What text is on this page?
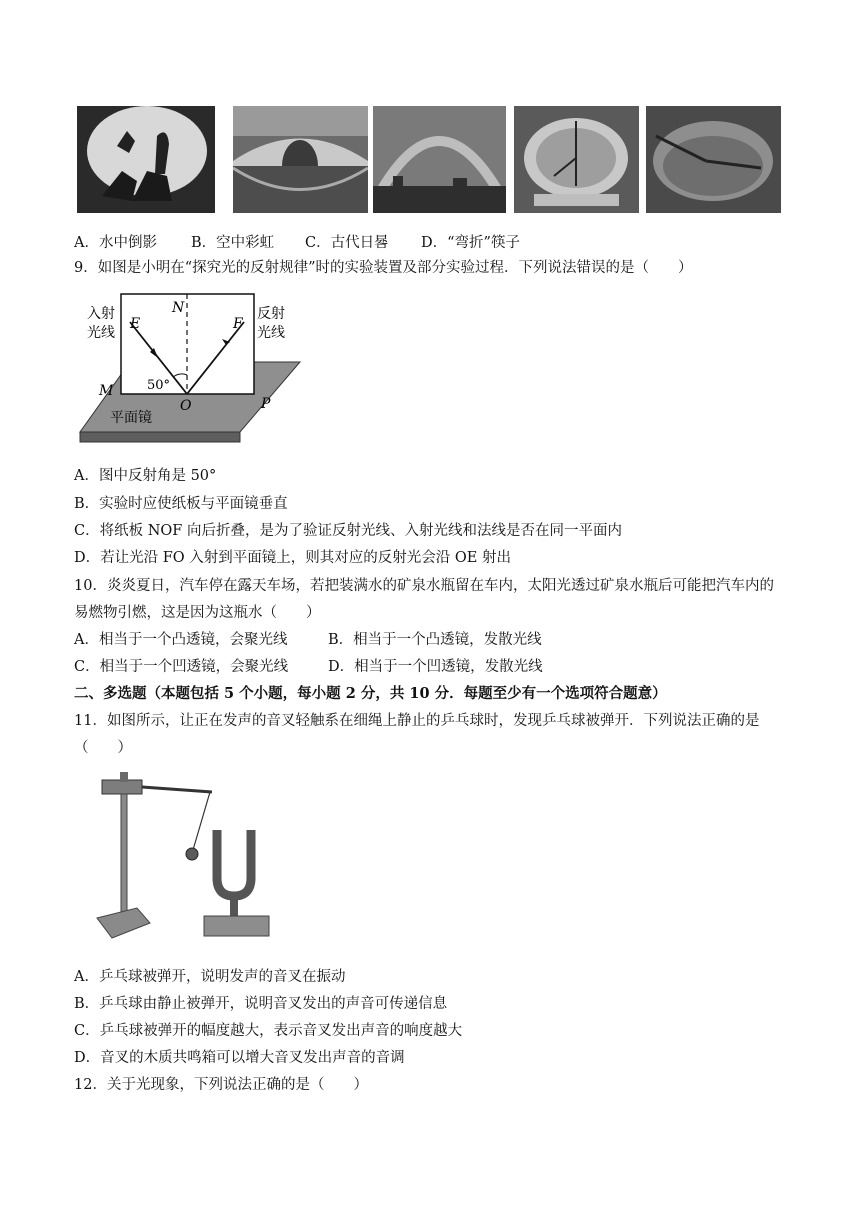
A．水中倒影 B．空中彩虹 C．古代日晷 D．“弯折”筷子
9．如图是小明在“探究光的反射规律”时的实验装置及部分实验过程．下列说法错误的是（　　）
入射
光线
反射
光线
E
N
F
M
O	P
50°
平面镜
A．图中反射角是 50°
B．实验时应使纸板与平面镜垂直
C．将纸板 NOF 向后折叠，是为了验证反射光线、入射光线和法线是否在同一平面内
D．若让光沿 FO 入射到平面镜上，则其对应的反射光会沿 OE 射出
10．炎炎夏日，汽车停在露天车场，若把装满水的矿泉水瓶留在车内，太阳光透过矿泉水瓶后可能把汽车内的
易燃物引燃，这是因为这瓶水（　　）
A．相当于一个凸透镜，会聚光线	B．相当于一个凸透镜，发散光线
C．相当于一个凹透镜，会聚光线	D．相当于一个凹透镜，发散光线
二、多选题（本题包括 5 个小题，每小题 2 分，共 10 分．每题至少有一个选项符合题意）
11．如图所示，让正在发声的音叉轻触系在细绳上静止的乒乓球时，发现乒乓球被弹开．下列说法正确的是
（　　）
A．乒乓球被弹开，说明发声的音叉在振动
B．乒乓球由静止被弹开，说明音叉发出的声音可传递信息
C．乒乓球被弹开的幅度越大，表示音叉发出声音的响度越大
D．音叉的木质共鸣箱可以增大音叉发出声音的音调
12．关于光现象，下列说法正确的是（　　）
